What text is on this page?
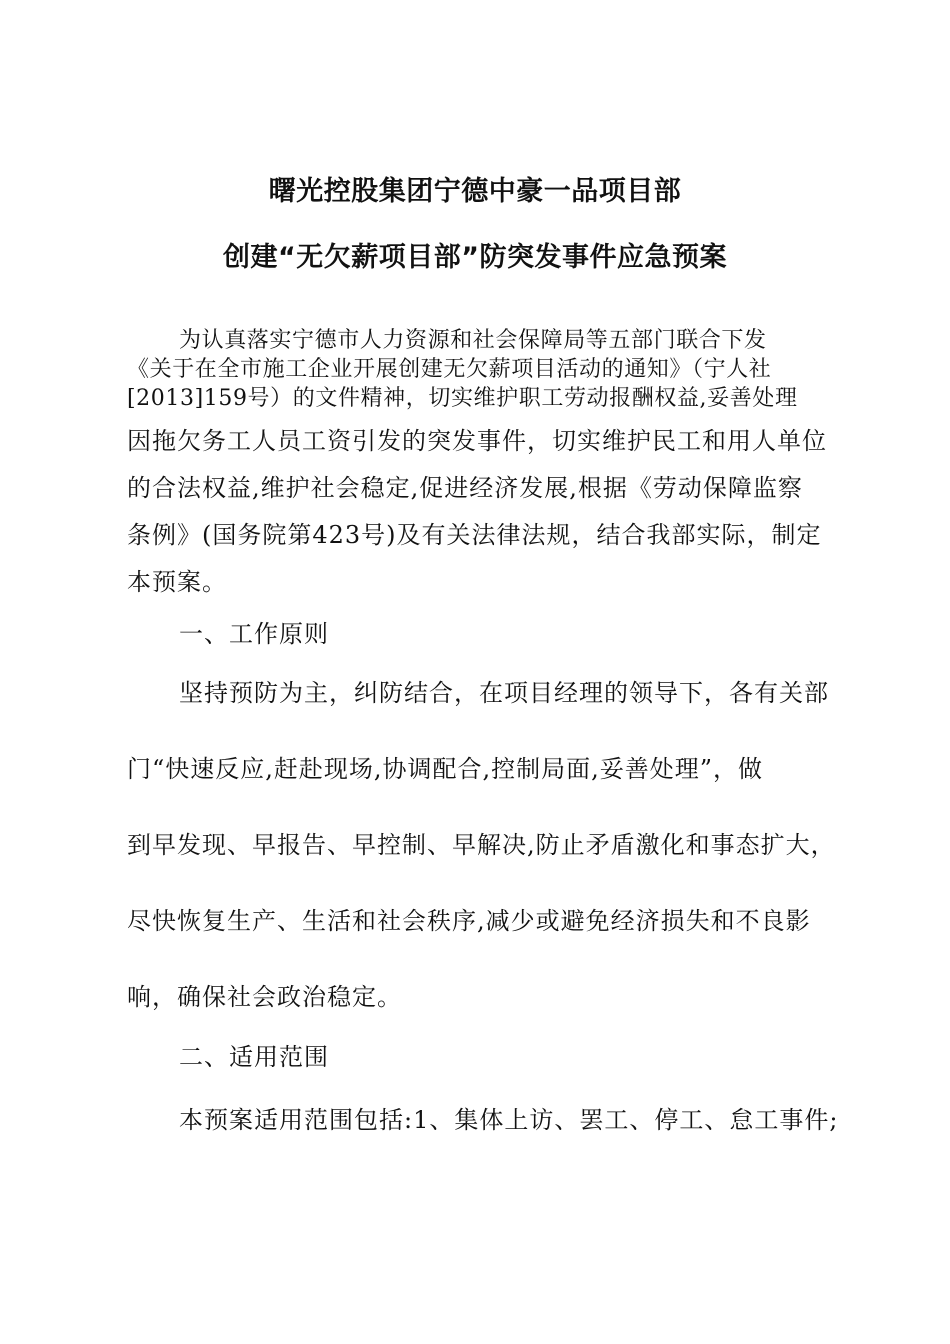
曙光控股集团宁德中豪一品项目部
创建“无欠薪项目部”防突发事件应急预案
为认真落实宁德市人力资源和社会保障局等五部门联合下发
《关于在全市施工企业开展创建无欠薪项目活动的通知》（宁人社
[2013]159号）的文件精神，切实维护职工劳动报酬权益,妥善处理
因拖欠务工人员工资引发的突发事件，切实维护民工和用人单位
的合法权益,维护社会稳定,促进经济发展,根据《劳动保障监察
条例》(国务院第423号)及有关法律法规，结合我部实际，制定
本预案。
一、工作原则
坚持预防为主，纠防结合，在项目经理的领导下，各有关部
门“快速反应,赶赴现场,协调配合,控制局面,妥善处理”，做
到早发现、早报告、早控制、早解决,防止矛盾激化和事态扩大，
尽快恢复生产、生活和社会秩序,减少或避免经济损失和不良影
响，确保社会政治稳定。
二、适用范围
本预案适用范围包括:1、集体上访、罢工、停工、怠工事件;
